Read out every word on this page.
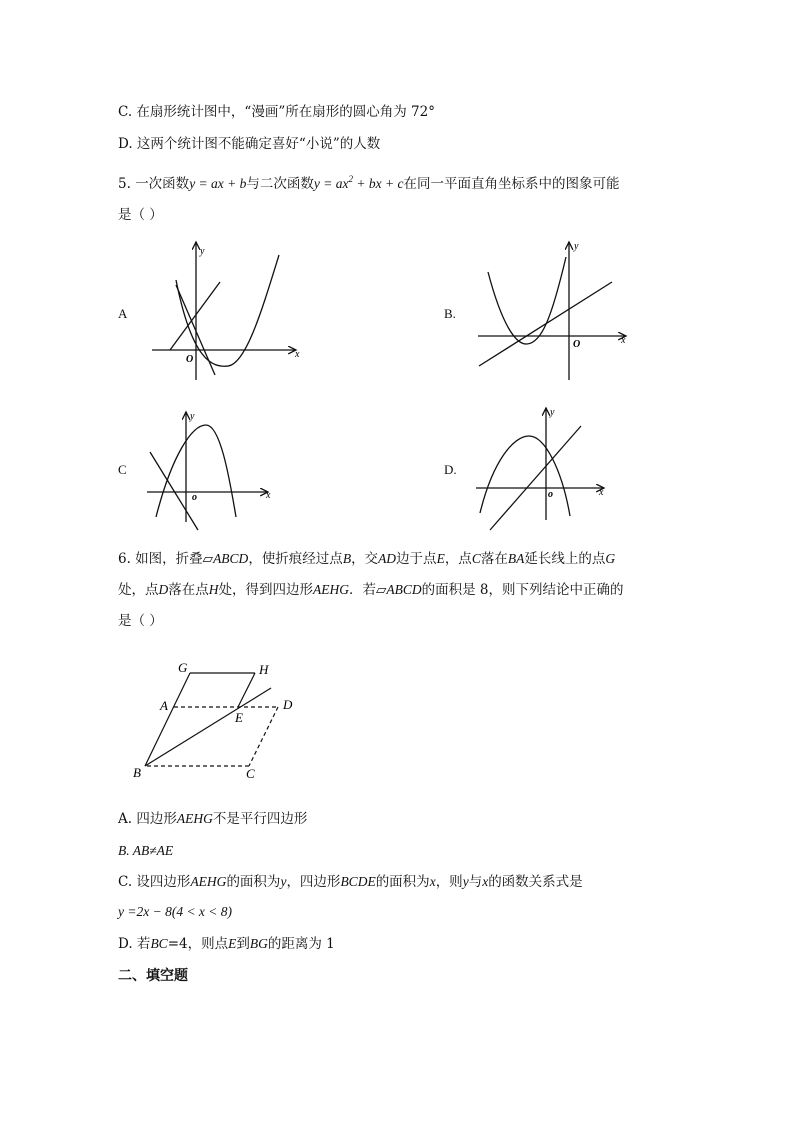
C. 在扇形统计图中，“漫画”所在扇形的圆心角为 72°
D. 这两个统计图不能确定喜好“小说”的人数
5. 一次函数y = ax + b与二次函数$y = ax^2$ + bx + c在同一平面直角坐标系中的图象可能
是（ ）
A	B.
C	D.
x
y
O
x
y
O
x
y
o	x
y
o
G	H
A
E
D
B	C
6. 如图，折叠▱ABCD，使折痕经过点B，交AD边于点E，点C落在BA延长线上的点G
处，点D落在点H处，得到四边形AEHG．若▱ABCD的面积是 8，则下列结论中正确的
是（ ）
A. 四边形AEHG不是平行四边形
B. AB≠AE
C. 设四边形AEHG的面积为y，四边形BCDE的面积为x，则y与x的函数关系式是
y =2x − 8(4 < x < 8)
D. 若BC=4，则点E到BG的距离为 1
二、填空题
